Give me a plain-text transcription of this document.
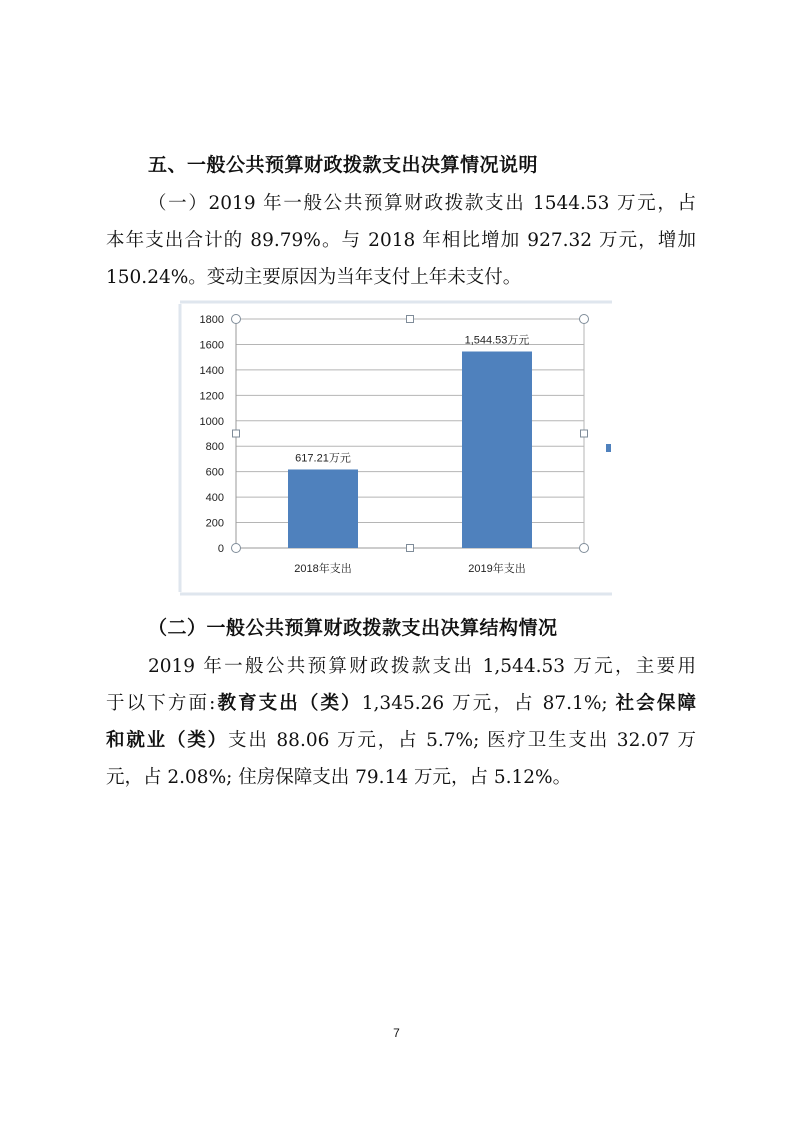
五、一般公共预算财政拨款支出决算情况说明
（一）2019 年一般公共预算财政拨款支出 1544.53 万元，占
本年支出合计的 89.79%。与 2018 年相比增加 927.32 万元，增加
150.24%。变动主要原因为当年支付上年未支付。
0
200
400
600
800
1000
1200
1400
1600
1800
617.21万元
1,544.53万元
2018年支出	2019年支出
（二）一般公共预算财政拨款支出决算结构情况
2019 年一般公共预算财政拨款支出 1,544.53 万元，主要用
于以下方面:教育支出（类）1,345.26 万元，占 87.1%; 社会保障
和就业（类）支出 88.06 万元，占 5.7%; 医疗卫生支出 32.07 万
元，占 2.08%; 住房保障支出 79.14 万元，占 5.12%。
7
